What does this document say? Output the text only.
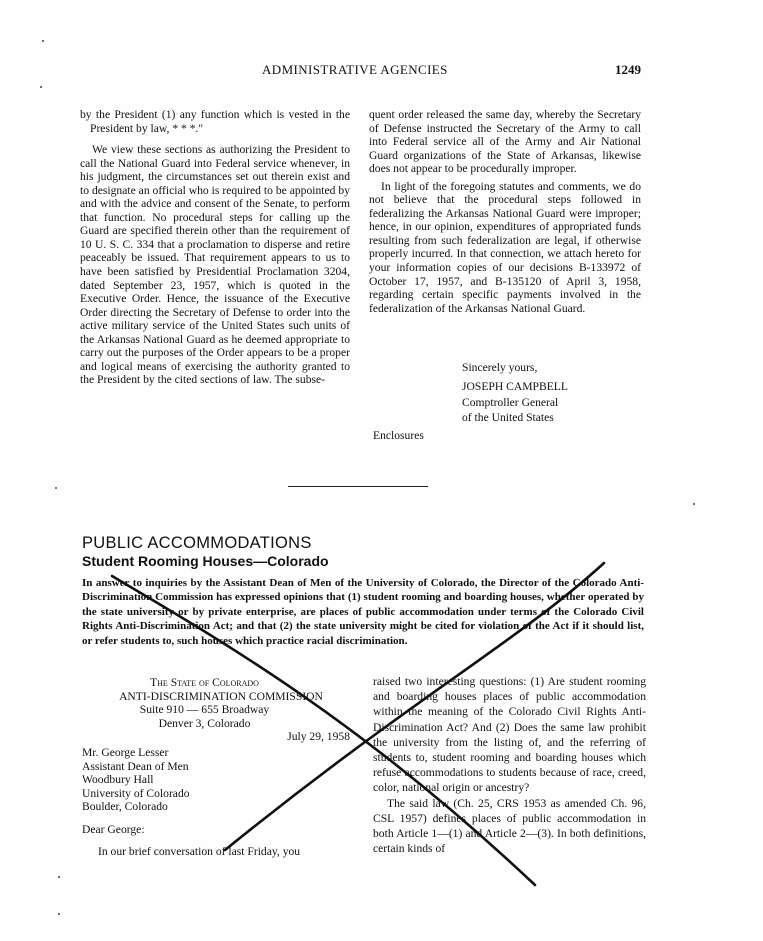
ADMINISTRATIVE AGENCIES	1249

by the President (1) any function which is vested in the President by law, * * *."

We view these sections as authorizing the President to call the National Guard into Federal service whenever, in his judgment, the circumstances set out therein exist and to designate an official who is required to be appointed by and with the advice and consent of the Senate, to perform that function. No procedural steps for calling up the Guard are specified therein other than the requirement of 10 U. S. C. 334 that a proclamation to disperse and retire peaceably be issued. That requirement appears to us to have been satisfied by Presidential Proclamation 3204, dated September 23, 1957, which is quoted in the Executive Order. Hence, the issuance of the Executive Order directing the Secretary of Defense to order into the active military service of the United States such units of the Arkansas National Guard as he deemed appropriate to carry out the purposes of the Order appears to be a proper and logical means of exercising the authority granted to the President by the cited sections of law. The subse-

quent order released the same day, whereby the Secretary of Defense instructed the Secretary of the Army to call into Federal service all of the Army and Air National Guard organizations of the State of Arkansas, likewise does not appear to be procedurally improper.

In light of the foregoing statutes and comments, we do not believe that the procedural steps followed in federalizing the Arkansas National Guard were improper; hence, in our opinion, expenditures of appropriated funds resulting from such federalization are legal, if otherwise properly incurred. In that connection, we attach hereto for your information copies of our decisions B-133972 of October 17, 1957, and B-135120 of April 3, 1958, regarding certain specific payments involved in the federalization of the Arkansas National Guard.

Sincerely yours,
JOSEPH CAMPBELL
Comptroller General
of the United States
Enclosures
PUBLIC ACCOMMODATIONS
Student Rooming Houses—Colorado
In answer to inquiries by the Assistant Dean of Men of the University of Colorado, the Director of the Colorado Anti-Discrimination Commission has expressed opinions that (1) student rooming and boarding houses, whether operated by the state university or by private enterprise, are places of public accommodation under terms of the Colorado Civil Rights Anti-Discrimination Act; and that (2) the state university might be cited for violation of the Act if it should list, or refer students to, such houses which practice racial discrimination.
The State of Colorado
ANTI-DISCRIMINATION COMMISSION
Suite 910 — 655 Broadway
Denver 3, Colorado
July 29, 1958
Mr. George Lesser
Assistant Dean of Men
Woodbury Hall
University of Colorado
Boulder, Colorado
Dear George:
In our brief conversation of last Friday, you
raised two interesting questions: (1) Are student rooming and boarding houses places of public accommodation within the meaning of the Colorado Civil Rights Anti-Discrimination Act? And (2) Does the same law prohibit the university from the listing of, and the referring of students to, student rooming and boarding houses which refuse accommodations to students because of race, creed, color, national origin or ancestry?
The said law (Ch. 25, CRS 1953 as amended Ch. 96, CSL 1957) defines places of public accommodation in both Article 1—(1) and Article 2—(3). In both definitions, certain kinds of
